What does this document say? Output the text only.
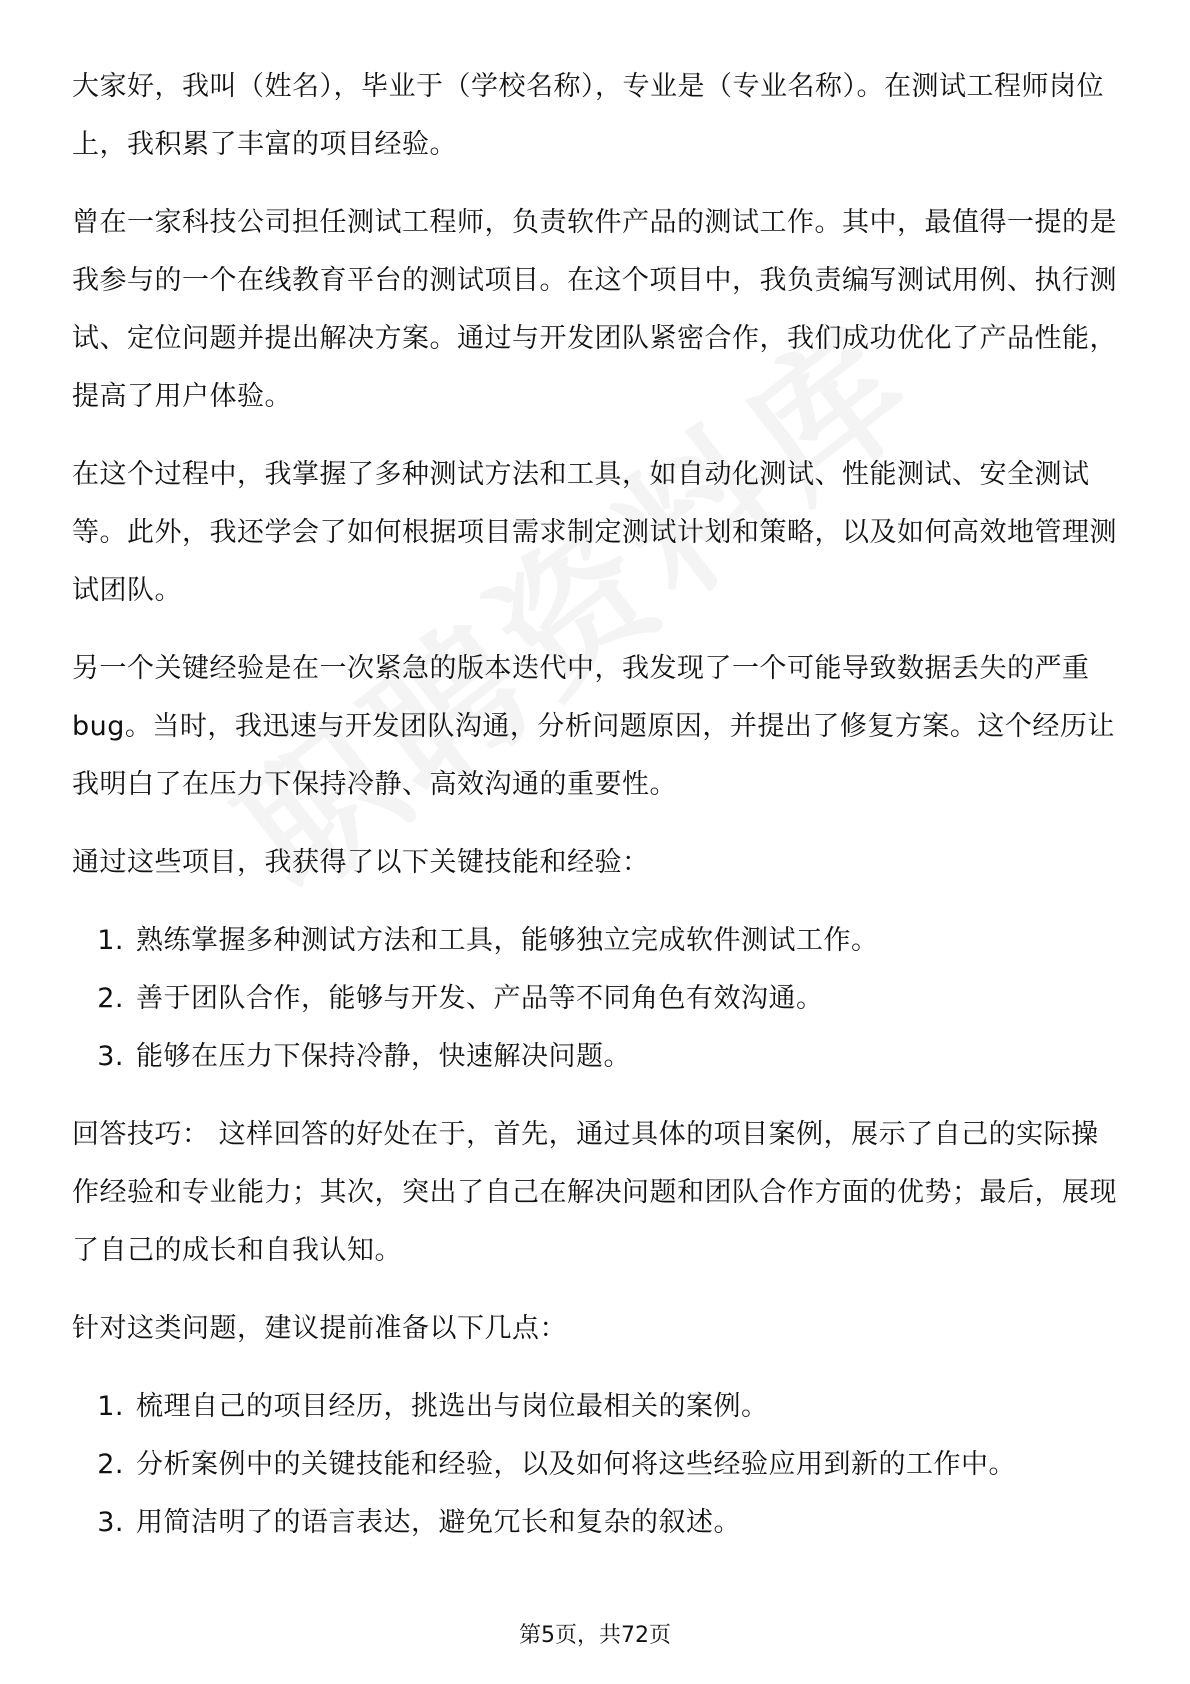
大家好，我叫（姓名），毕业于（学校名称），专业是（专业名称）。在测试工程师岗位上，我积累了丰富的项目经验。

曾在一家科技公司担任测试工程师，负责软件产品的测试工作。其中，最值得一提的是我参与的一个在线教育平台的测试项目。在这个项目中，我负责编写测试用例、执行测试、定位问题并提出解决方案。通过与开发团队紧密合作，我们成功优化了产品性能，提高了用户体验。

在这个过程中，我掌握了多种测试方法和工具，如自动化测试、性能测试、安全测试等。此外，我还学会了如何根据项目需求制定测试计划和策略，以及如何高效地管理测试团队。

另一个关键经验是在一次紧急的版本迭代中，我发现了一个可能导致数据丢失的严重bug。当时，我迅速与开发团队沟通，分析问题原因，并提出了修复方案。这个经历让我明白了在压力下保持冷静、高效沟通的重要性。

通过这些项目，我获得了以下关键技能和经验：

1. 熟练掌握多种测试方法和工具，能够独立完成软件测试工作。
2. 善于团队合作，能够与开发、产品等不同角色有效沟通。
3. 能够在压力下保持冷静，快速解决问题。

回答技巧： 这样回答的好处在于，首先，通过具体的项目案例，展示了自己的实际操作经验和专业能力；其次，突出了自己在解决问题和团队合作方面的优势；最后，展现了自己的成长和自我认知。

针对这类问题，建议提前准备以下几点：

1. 梳理自己的项目经历，挑选出与岗位最相关的案例。
2. 分析案例中的关键技能和经验，以及如何将这些经验应用到新的工作中。
3. 用简洁明了的语言表达，避免冗长和复杂的叙述。
第5页，共72页
